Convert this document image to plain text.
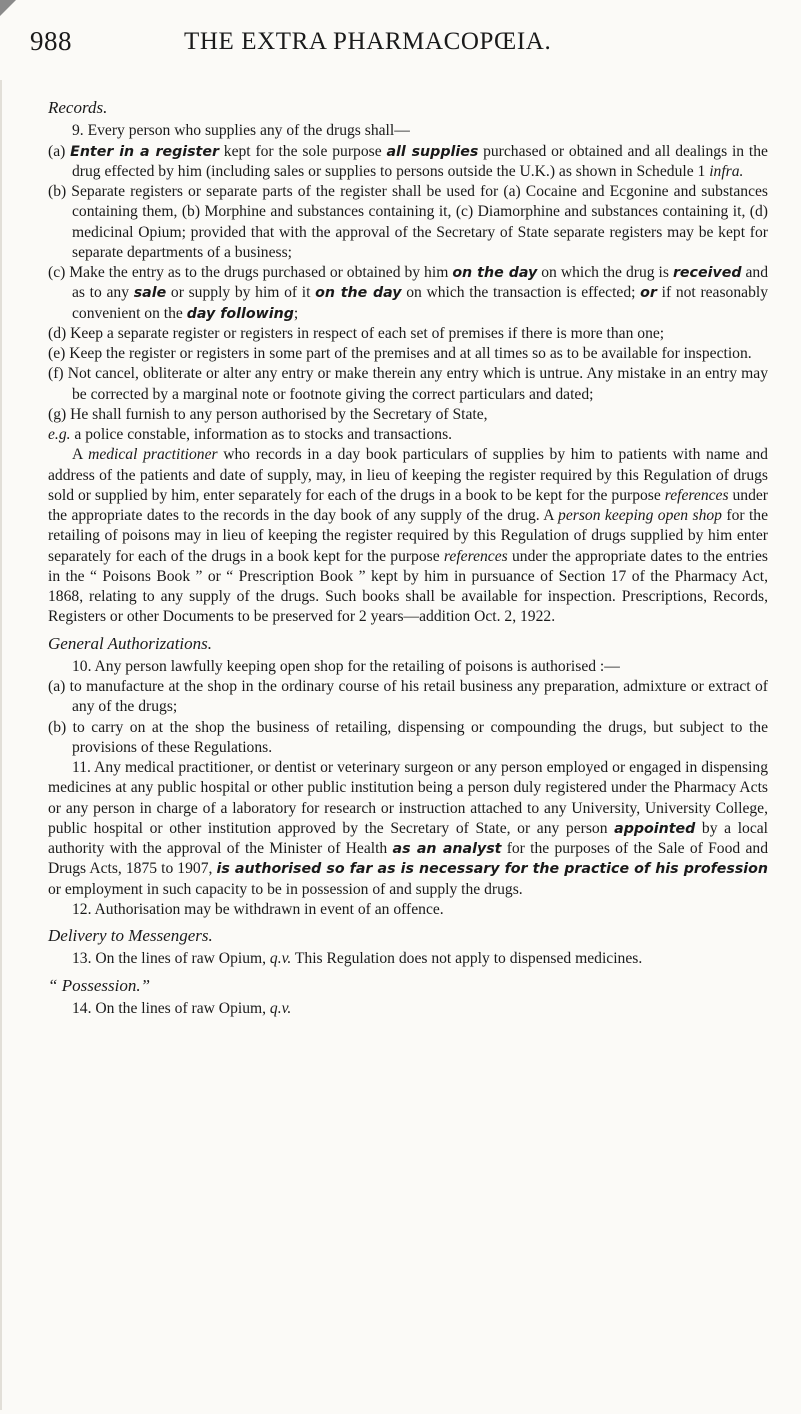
988	THE EXTRA PHARMACOPŒIA.

Records.

9. Every person who supplies any of the drugs shall—

(a) Enter in a register kept for the sole purpose all supplies purchased or obtained and all dealings in the drug effected by him (including sales or supplies to persons outside the U.K.) as shown in Schedule 1 infra.

(b) Separate registers or separate parts of the register shall be used for (a) Cocaine and Ecgonine and substances containing them, (b) Morphine and substances containing it, (c) Diamorphine and substances containing it, (d) medicinal Opium; provided that with the approval of the Secretary of State separate registers may be kept for separate departments of a business;

(c) Make the entry as to the drugs purchased or obtained by him on the day on which the drug is received and as to any sale or supply by him of it on the day on which the transaction is effected; or if not reasonably convenient on the day following;

(d) Keep a separate register or registers in respect of each set of premises if there is more than one;

(e) Keep the register or registers in some part of the premises and at all times so as to be available for inspection.

(f) Not cancel, obliterate or alter any entry or make therein any entry which is untrue. Any mistake in an entry may be corrected by a marginal note or footnote giving the correct particulars and dated;

(g) He shall furnish to any person authorised by the Secretary of State,

e.g. a police constable, information as to stocks and transactions.

A medical practitioner who records in a day book particulars of supplies by him to patients with name and address of the patients and date of supply, may, in lieu of keeping the register required by this Regulation of drugs sold or supplied by him, enter separately for each of the drugs in a book to be kept for the purpose references under the appropriate dates to the records in the day book of any supply of the drug. A person keeping open shop for the retailing of poisons may in lieu of keeping the register required by this Regulation of drugs supplied by him enter separately for each of the drugs in a book kept for the purpose references under the appropriate dates to the entries in the “ Poisons Book ” or “ Prescription Book ” kept by him in pursuance of Section 17 of the Pharmacy Act, 1868, relating to any supply of the drugs. Such books shall be available for inspection. Prescriptions, Records, Registers or other Documents to be preserved for 2 years—addition Oct. 2, 1922.

General Authorizations.

10. Any person lawfully keeping open shop for the retailing of poisons is authorised :—

(a) to manufacture at the shop in the ordinary course of his retail business any preparation, admixture or extract of any of the drugs;

(b) to carry on at the shop the business of retailing, dispensing or compounding the drugs, but subject to the provisions of these Regulations.

11. Any medical practitioner, or dentist or veterinary surgeon or any person employed or engaged in dispensing medicines at any public hospital or other public institution being a person duly registered under the Pharmacy Acts or any person in charge of a laboratory for research or instruction attached to any University, University College, public hospital or other institution approved by the Secretary of State, or any person appointed by a local authority with the approval of the Minister of Health as an analyst for the purposes of the Sale of Food and Drugs Acts, 1875 to 1907, is authorised so far as is necessary for the practice of his profession or employment in such capacity to be in possession of and supply the drugs.

12. Authorisation may be withdrawn in event of an offence.

Delivery to Messengers.

13. On the lines of raw Opium, q.v. This Regulation does not apply to dispensed medicines.

“ Possession.”

14. On the lines of raw Opium, q.v.
